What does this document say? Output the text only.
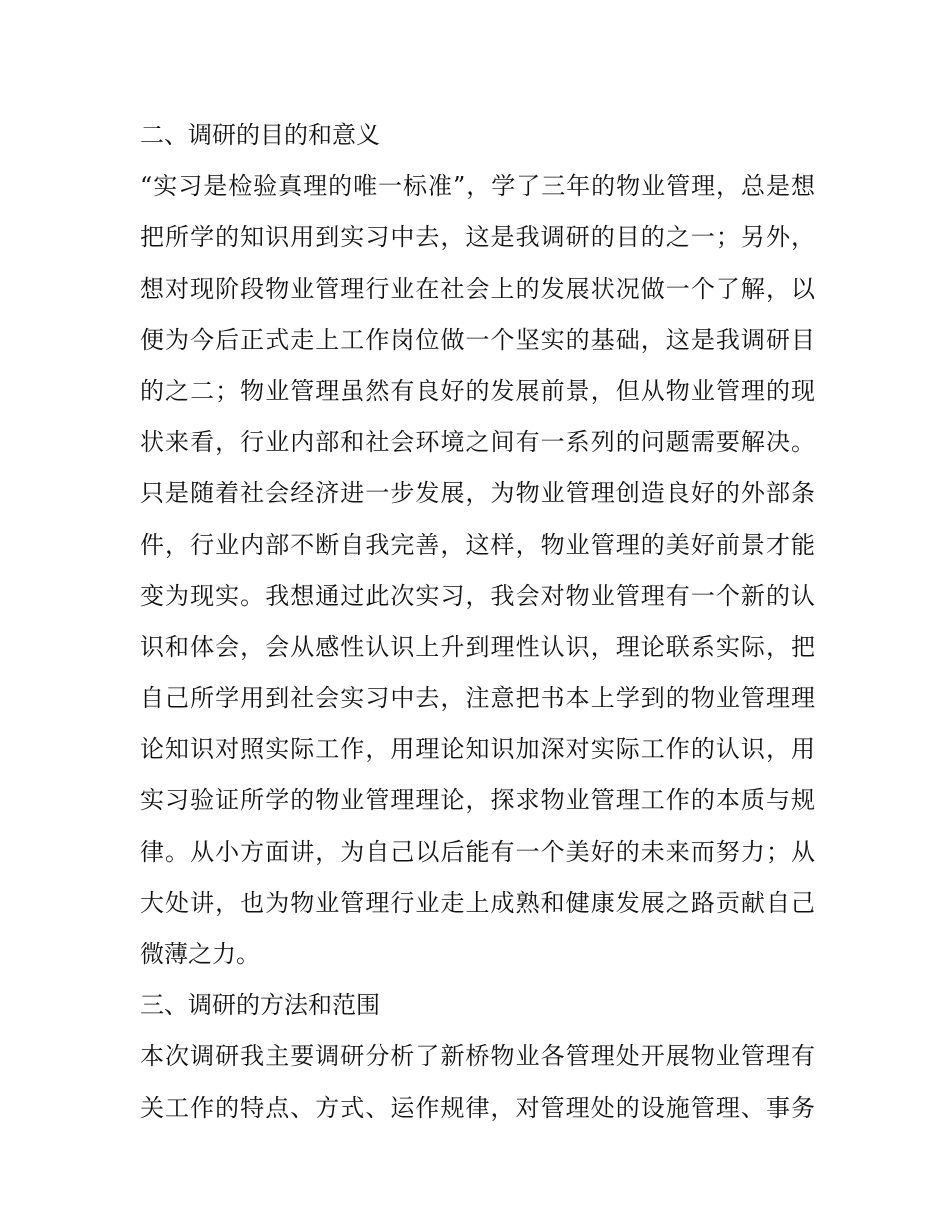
二、调研的目的和意义
“实习是检验真理的唯一标准”，学了三年的物业管理，总是想
把所学的知识用到实习中去，这是我调研的目的之一；另外，
想对现阶段物业管理行业在社会上的发展状况做一个了解，以
便为今后正式走上工作岗位做一个坚实的基础，这是我调研目
的之二；物业管理虽然有良好的发展前景，但从物业管理的现
状来看，行业内部和社会环境之间有一系列的问题需要解决。
只是随着社会经济进一步发展，为物业管理创造良好的外部条
件，行业内部不断自我完善，这样，物业管理的美好前景才能
变为现实。我想通过此次实习，我会对物业管理有一个新的认
识和体会，会从感性认识上升到理性认识，理论联系实际，把
自己所学用到社会实习中去，注意把书本上学到的物业管理理
论知识对照实际工作，用理论知识加深对实际工作的认识，用
实习验证所学的物业管理理论，探求物业管理工作的本质与规
律。从小方面讲，为自己以后能有一个美好的未来而努力；从
大处讲，也为物业管理行业走上成熟和健康发展之路贡献自己
微薄之力。
三、调研的方法和范围
本次调研我主要调研分析了新桥物业各管理处开展物业管理有
关工作的特点、方式、运作规律，对管理处的设施管理、事务
